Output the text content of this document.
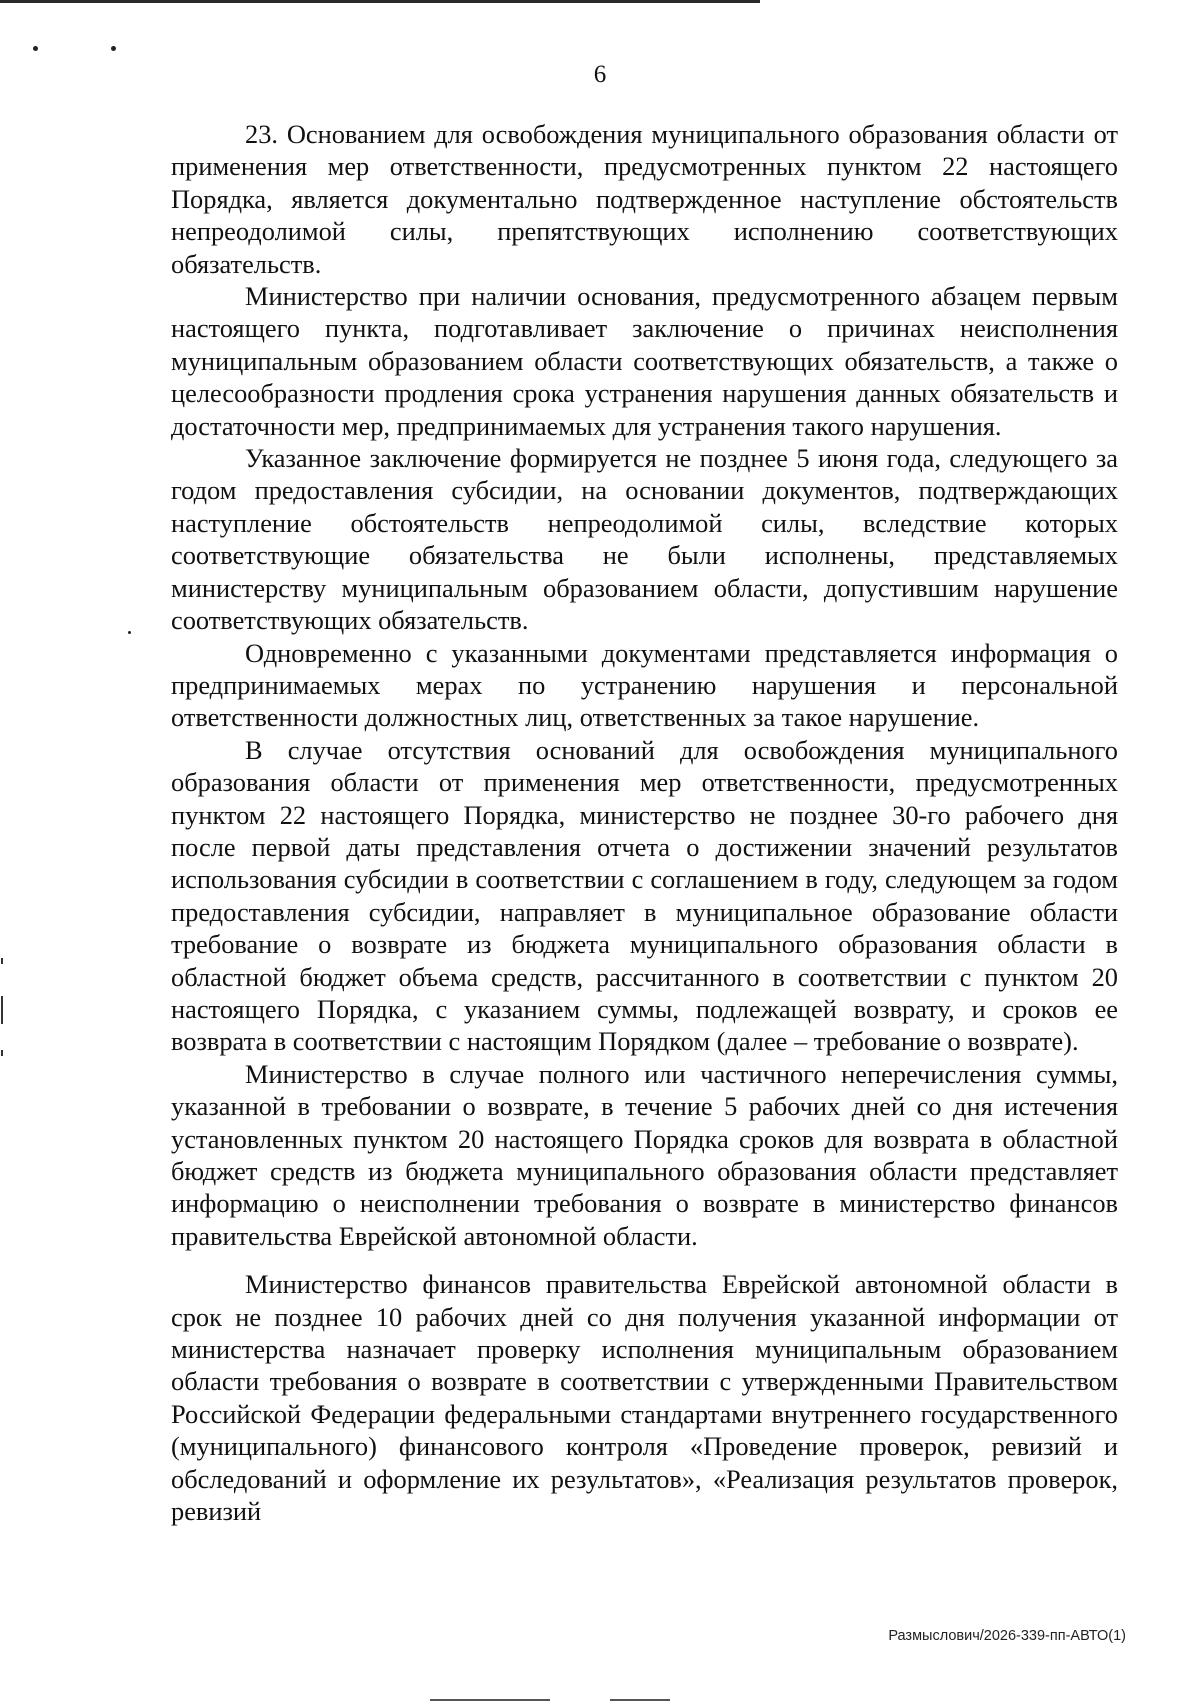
6

23. Основанием для освобождения муниципального образования области от применения мер ответственности, предусмотренных пунктом 22 настоящего Порядка, является документально подтвержденное наступление обстоятельств непреодолимой силы, препятствующих исполнению соответствующих обязательств.

Министерство при наличии основания, предусмотренного абзацем первым настоящего пункта, подготавливает заключение о причинах неисполнения муниципальным образованием области соответствующих обязательств, а также о целесообразности продления срока устранения нарушения данных обязательств и достаточности мер, предпринимаемых для устранения такого нарушения.

Указанное заключение формируется не позднее 5 июня года, следующего за годом предоставления субсидии, на основании документов, подтверждающих наступление обстоятельств непреодолимой силы, вследствие которых соответствующие обязательства не были исполнены, представляемых министерству муниципальным образованием области, допустившим нарушение соответствующих обязательств.

Одновременно с указанными документами представляется информация о предпринимаемых мерах по устранению нарушения и персональной ответственности должностных лиц, ответственных за такое нарушение.

В случае отсутствия оснований для освобождения муниципального образования области от применения мер ответственности, предусмотренных пунктом 22 настоящего Порядка, министерство не позднее 30-го рабочего дня после первой даты представления отчета о достижении значений результатов использования субсидии в соответствии с соглашением в году, следующем за годом предоставления субсидии, направляет в муниципальное образование области требование о возврате из бюджета муниципального образования области в областной бюджет объема средств, рассчитанного в соответствии с пунктом 20 настоящего Порядка, с указанием суммы, подлежащей возврату, и сроков ее возврата в соответствии с настоящим Порядком (далее – требование о возврате).

Министерство в случае полного или частичного неперечисления суммы, указанной в требовании о возврате, в течение 5 рабочих дней со дня истечения установленных пунктом 20 настоящего Порядка сроков для возврата в областной бюджет средств из бюджета муниципального образования области представляет информацию о неисполнении требования о возврате в министерство финансов правительства Еврейской автономной области.

Министерство финансов правительства Еврейской автономной области в срок не позднее 10 рабочих дней со дня получения указанной информации от министерства назначает проверку исполнения муниципальным образованием области требования о возврате в соответствии с утвержденными Правительством Российской Федерации федеральными стандартами внутреннего государственного (муниципального) финансового контроля «Проведение проверок, ревизий и обследований и оформление их результатов», «Реализация результатов проверок, ревизий

Размыслович/2026-339-пп-АВТО(1)
